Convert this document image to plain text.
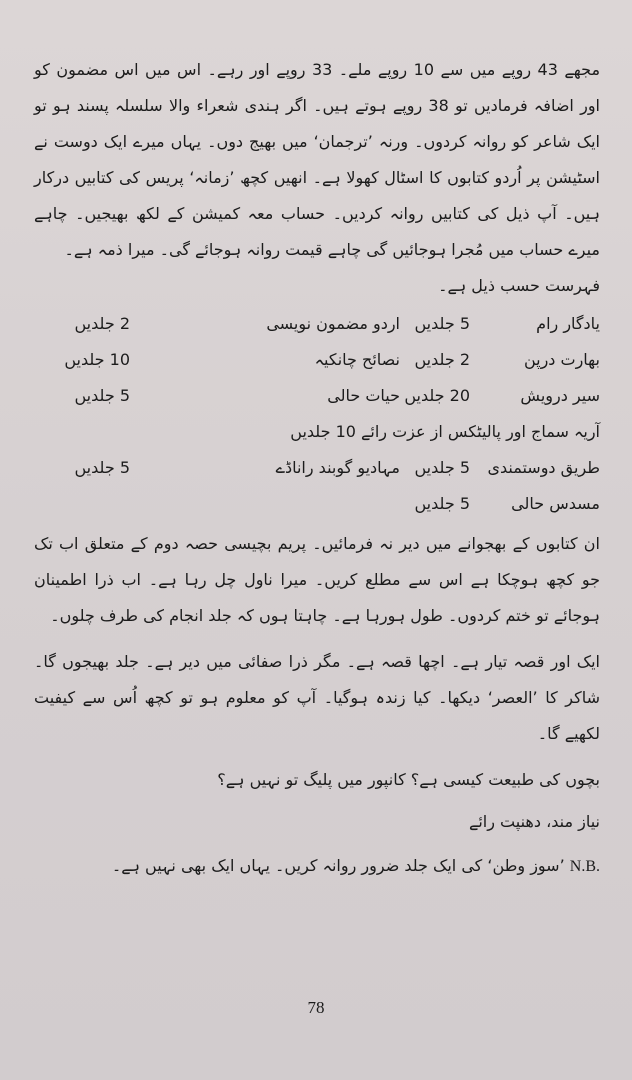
مجھے 43 روپے میں سے 10 روپے ملے۔ 33 روپے اور رہے۔ اس میں اس مضمون کو اور اضافہ فرمادیں تو 38 روپے ہوتے ہیں۔ اگر ہندی شعراء والا سلسلہ پسند ہو تو ایک شاعر کو روانہ کردوں۔ ورنہ ’ترجمان‘ میں بھیج دوں۔ یہاں میرے ایک دوست نے اسٹیشن پر اُردو کتابوں کا اسٹال کھولا ہے۔ انھیں کچھ ’زمانہ‘ پریس کی کتابیں درکار ہیں۔ آپ ذیل کی کتابیں روانہ کردیں۔ حساب معہ کمیشن کے لکھ بھیجیں۔ چاہے میرے حساب میں مُجرا ہوجائیں گی چاہے قیمت روانہ ہوجائے گی۔ میرا ذمہ ہے۔

فہرست حسب ذیل ہے۔

یادگار رام
5 جلدیں
اردو مضمون نویسی
2 جلدیں
بھارت درپن
2 جلدیں
نصائح چانکیہ
10 جلدیں
سیر درویش
20 جلدیں
حیات حالی
5 جلدیں
آریہ سماج اور پالیٹکس از عزت رائے 10 جلدیں
طریق دوستمندی
5 جلدیں
مہادیو گوبند راناڈے
5 جلدیں
مسدس حالی
5 جلدیں

ان کتابوں کے بھجوانے میں دیر نہ فرمائیں۔ پریم بچیسی حصہ دوم کے متعلق اب تک جو کچھ ہوچکا ہے اس سے مطلع کریں۔ میرا ناول چل رہا ہے۔ اب ذرا اطمینان ہوجائے تو ختم کردوں۔ طول ہورہا ہے۔ چاہتا ہوں کہ جلد انجام کی طرف چلوں۔

ایک اور قصہ تیار ہے۔ اچھا قصہ ہے۔ مگر ذرا صفائی میں دیر ہے۔ جلد بھیجوں گا۔ شاکر کا ’العصر‘ دیکھا۔ کیا زندہ ہوگیا۔ آپ کو معلوم ہو تو کچھ اُس سے کیفیت لکھیے گا۔

بچوں کی طبیعت کیسی ہے؟ کانپور میں پلیگ تو نہیں ہے؟

نیاز مند، دھنپت رائے

N.B. ’سوز وطن‘ کی ایک جلد ضرور روانہ کریں۔ یہاں ایک بھی نہیں ہے۔

78
